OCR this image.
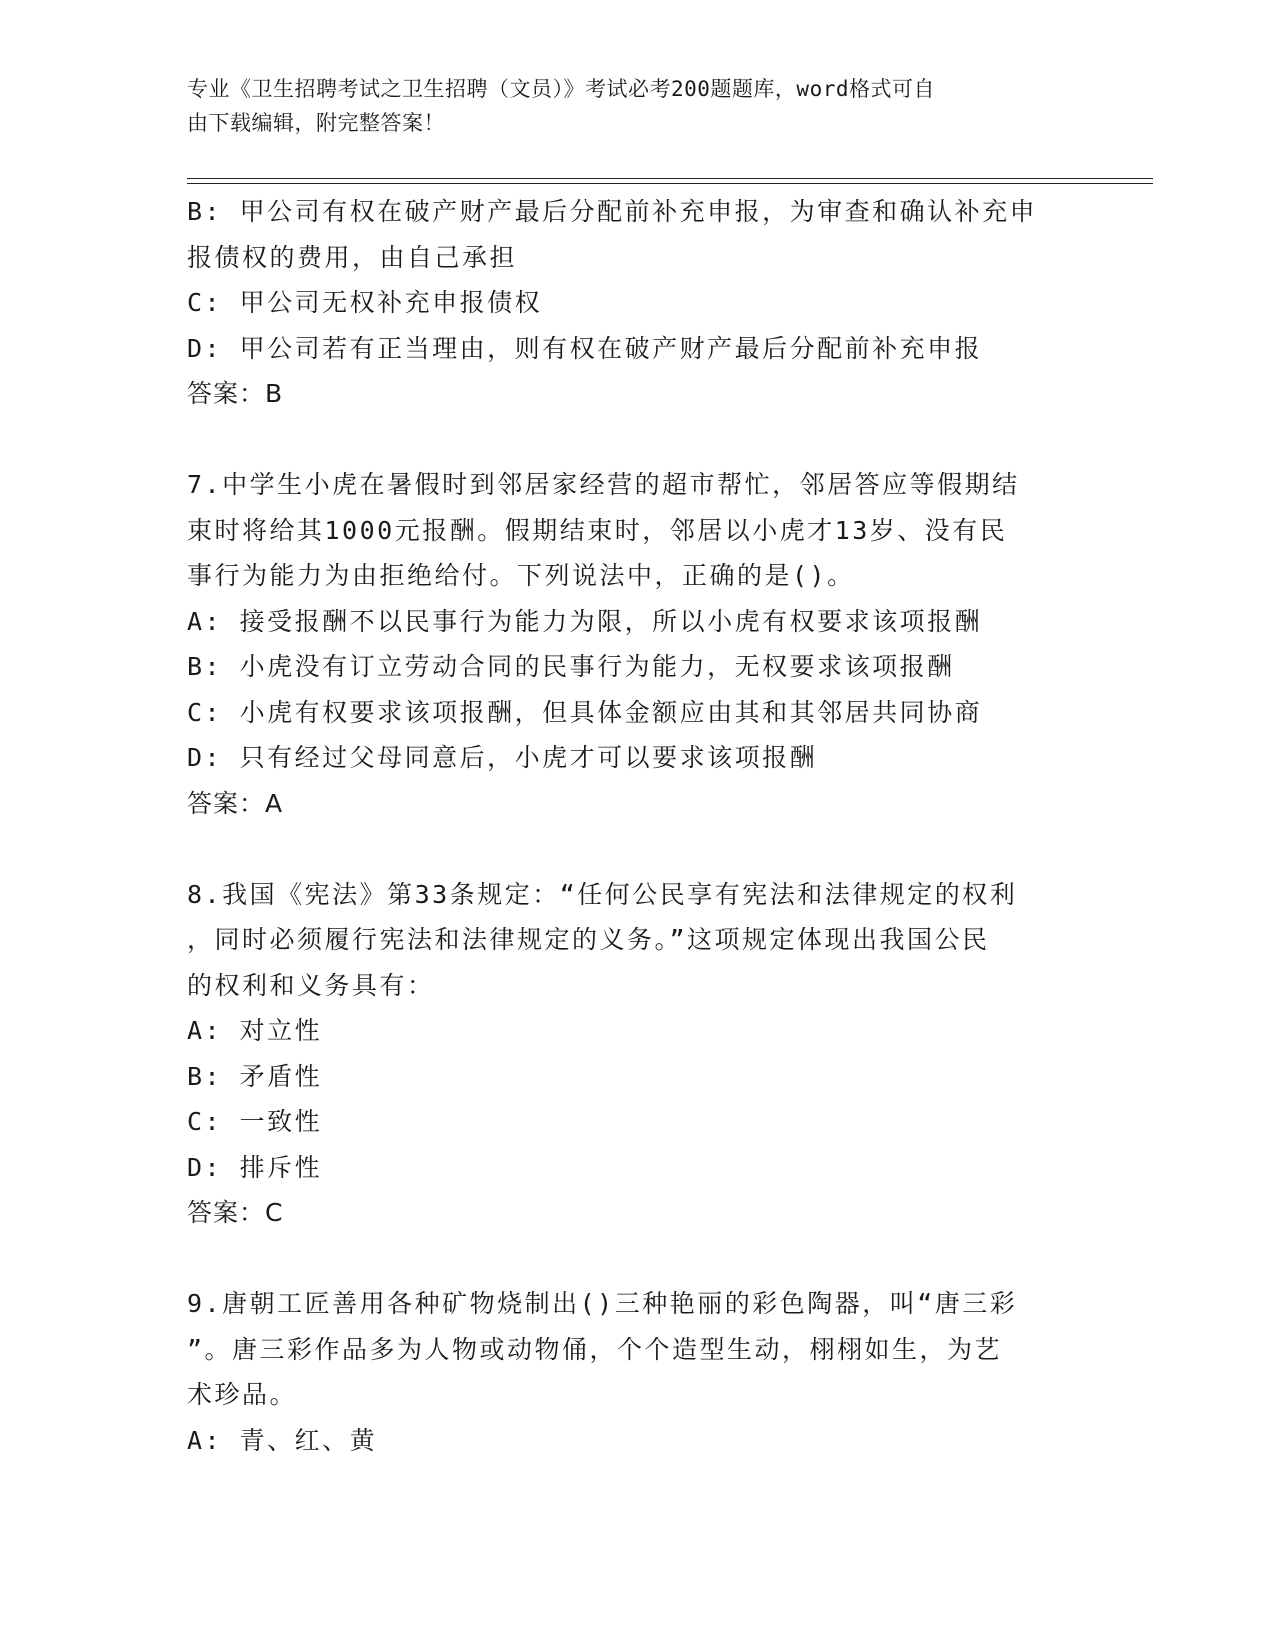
专业《卫生招聘考试之卫生招聘（文员）》考试必考200题题库，word格式可自
由下载编辑，附完整答案！
B: 甲公司有权在破产财产最后分配前补充申报，为审查和确认补充申
报债权的费用，由自己承担
C: 甲公司无权补充申报债权
D: 甲公司若有正当理由，则有权在破产财产最后分配前补充申报
答案：B
7.中学生小虎在暑假时到邻居家经营的超市帮忙，邻居答应等假期结
束时将给其1000元报酬。假期结束时，邻居以小虎才13岁、没有民
事行为能力为由拒绝给付。下列说法中，正确的是()。
A: 接受报酬不以民事行为能力为限，所以小虎有权要求该项报酬
B: 小虎没有订立劳动合同的民事行为能力，无权要求该项报酬
C: 小虎有权要求该项报酬，但具体金额应由其和其邻居共同协商
D: 只有经过父母同意后，小虎才可以要求该项报酬
答案：A
8.我国《宪法》第33条规定：“任何公民享有宪法和法律规定的权利
，同时必须履行宪法和法律规定的义务。”这项规定体现出我国公民
的权利和义务具有：
A: 对立性
B: 矛盾性
C: 一致性
D: 排斥性
答案：C
9.唐朝工匠善用各种矿物烧制出()三种艳丽的彩色陶器，叫“唐三彩
”。唐三彩作品多为人物或动物俑，个个造型生动，栩栩如生，为艺
术珍品。
A: 青、红、黄
